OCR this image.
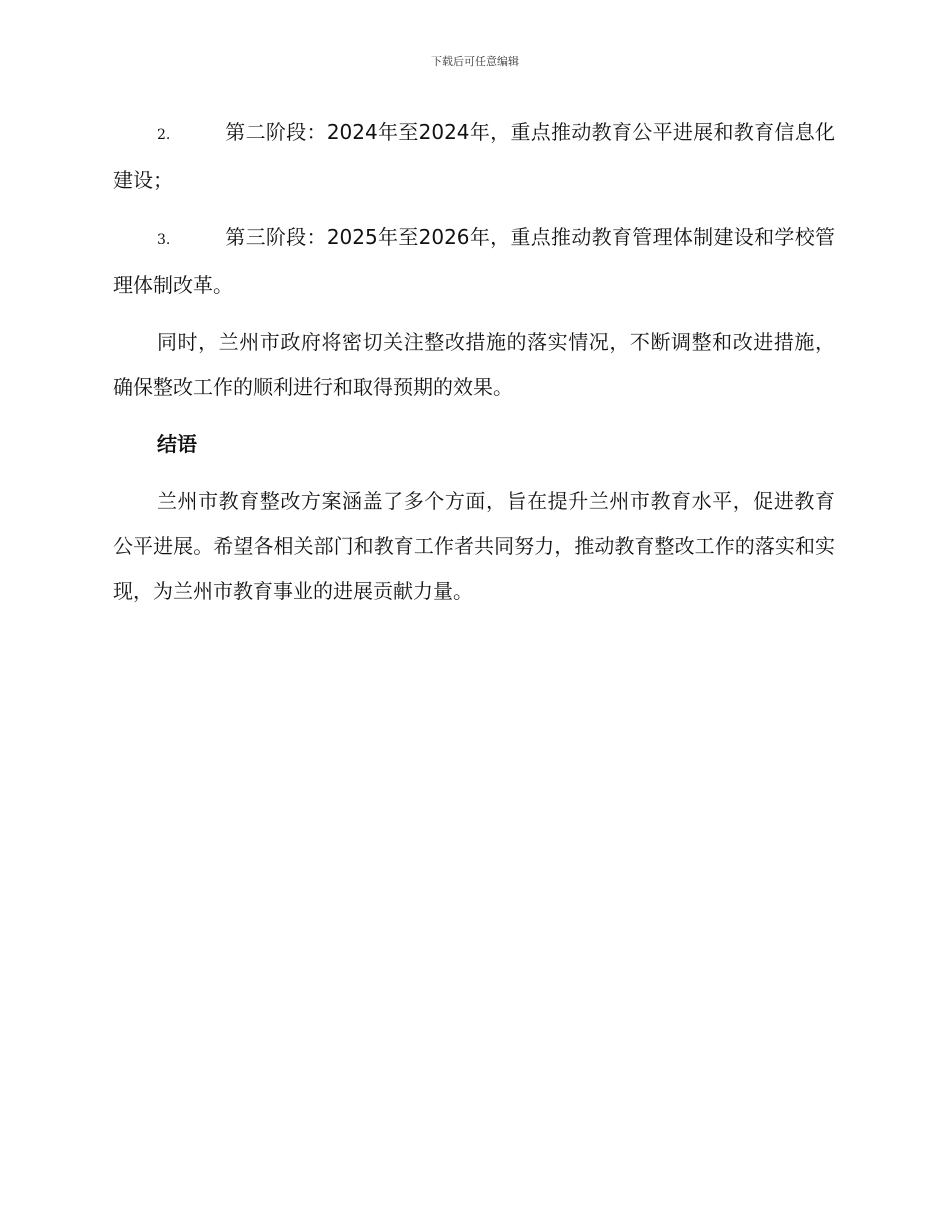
下载后可任意编辑

2.	第二阶段：2024年至2024年，重点推动教育公平进展和教育信息化建设；

3.	第三阶段：2025年至2026年，重点推动教育管理体制建设和学校管理体制改革。

同时，兰州市政府将密切关注整改措施的落实情况，不断调整和改进措施，确保整改工作的顺利进行和取得预期的效果。

结语

兰州市教育整改方案涵盖了多个方面，旨在提升兰州市教育水平，促进教育公平进展。希望各相关部门和教育工作者共同努力，推动教育整改工作的落实和实现，为兰州市教育事业的进展贡献力量。
